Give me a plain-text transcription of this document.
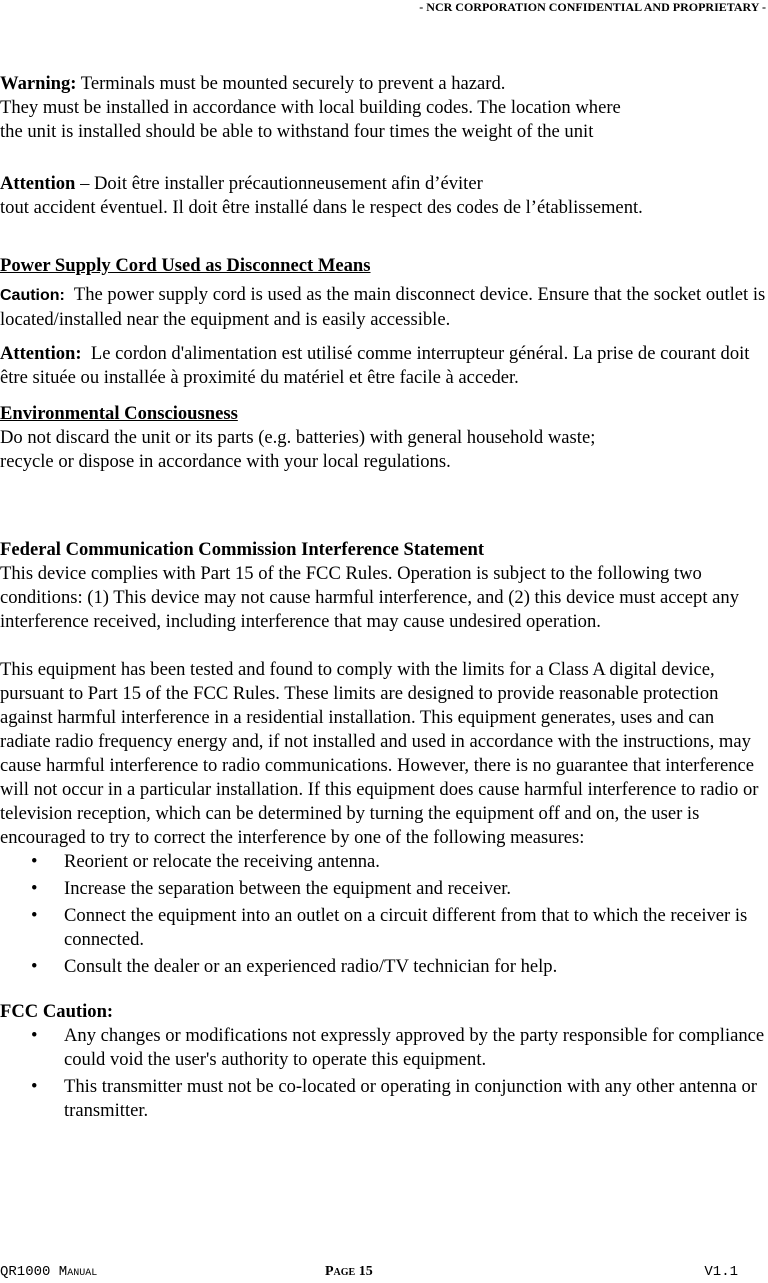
- NCR CORPORATION CONFIDENTIAL AND PROPRIETARY -

Warning: Terminals must be mounted securely to prevent a hazard.

They must be installed in accordance with local building codes. The location where

the unit is installed should be able to withstand four times the weight of the unit

Attention – Doit être installer précautionneusement afin d’éviter

tout accident éventuel. Il doit être installé dans le respect des codes de l’établissement.

Power Supply Cord Used as Disconnect Means

Caution: The power supply cord is used as the main disconnect device. Ensure that the socket outlet is located/installed near the equipment and is easily accessible.

Attention: Le cordon d'alimentation est utilisé comme interrupteur général. La prise de courant doit être située ou installée à proximité du matériel et être facile à acceder.

Environmental Consciousness

Do not discard the unit or its parts (e.g. batteries) with general household waste;

recycle or dispose in accordance with your local regulations.

Federal Communication Commission Interference Statement

This device complies with Part 15 of the FCC Rules. Operation is subject to the following two conditions: (1) This device may not cause harmful interference, and (2) this device must accept any interference received, including interference that may cause undesired operation.

This equipment has been tested and found to comply with the limits for a Class A digital device, pursuant to Part 15 of the FCC Rules. These limits are designed to provide reasonable protection against harmful interference in a residential installation. This equipment generates, uses and can radiate radio frequency energy and, if not installed and used in accordance with the instructions, may cause harmful interference to radio communications. However, there is no guarantee that interference will not occur in a particular installation. If this equipment does cause harmful interference to radio or television reception, which can be determined by turning the equipment off and on, the user is encouraged to try to correct the interference by one of the following measures:

• Reorient or relocate the receiving antenna.
• Increase the separation between the equipment and receiver.
• Connect the equipment into an outlet on a circuit different from that to which the receiver is connected.
• Consult the dealer or an experienced radio/TV technician for help.

FCC Caution:

• Any changes or modifications not expressly approved by the party responsible for compliance could void the user's authority to operate this equipment.
• This transmitter must not be co-located or operating in conjunction with any other antenna or transmitter.
QR1000 Manual	Page 15	V1.1
